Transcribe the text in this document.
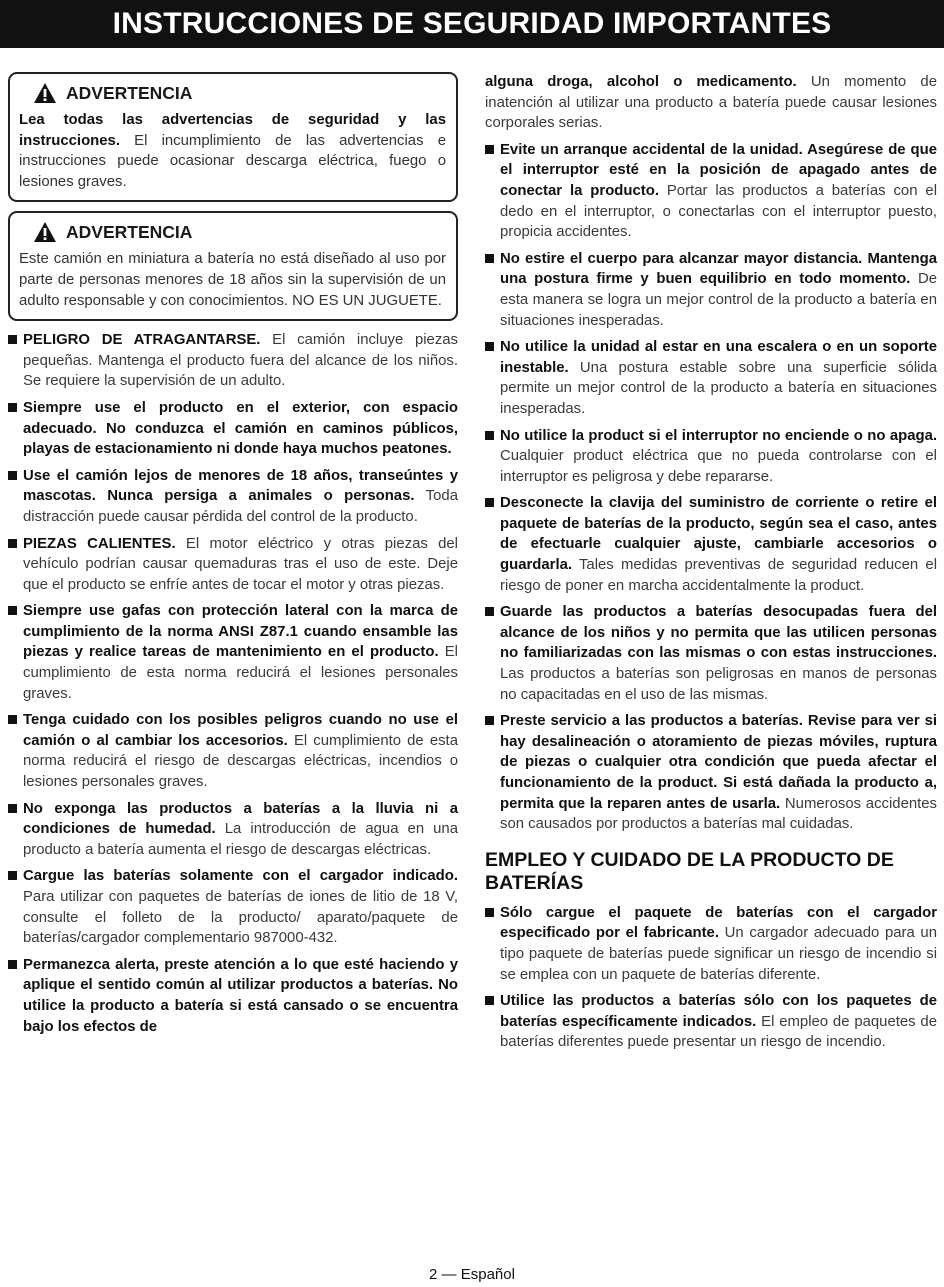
INSTRUCCIONES DE SEGURIDAD IMPORTANTES
ADVERTENCIA

Lea todas las advertencias de seguridad y las instrucciones. El incumplimiento de las advertencias e instrucciones puede ocasionar descarga eléctrica, fuego o lesiones graves.

ADVERTENCIA

Este camión en miniatura a batería no está diseñado al uso por parte de personas menores de 18 años sin la supervisión de un adulto responsable y con conocimientos. NO ES UN JUGUETE.

PELIGRO DE ATRAGANTARSE. El camión incluye piezas pequeñas. Mantenga el producto fuera del alcance de los niños. Se requiere la supervisión de un adulto.
Siempre use el producto en el exterior, con espacio adecuado. No conduzca el camión en caminos públicos, playas de estacionamiento ni donde haya muchos peatones.
Use el camión lejos de menores de 18 años, transeúntes y mascotas. Nunca persiga a animales o personas. Toda distracción puede causar pérdida del control de la producto.
PIEZAS CALIENTES. El motor eléctrico y otras piezas del vehículo podrían causar quemaduras tras el uso de este. Deje que el producto se enfríe antes de tocar el motor y otras piezas.
Siempre use gafas con protección lateral con la marca de cumplimiento de la norma ANSI Z87.1 cuando ensamble las piezas y realice tareas de mantenimiento en el producto. El cumplimiento de esta norma reducirá el lesiones personales graves.
Tenga cuidado con los posibles peligros cuando no use el camión o al cambiar los accesorios. El cumplimiento de esta norma reducirá el riesgo de descargas eléctricas, incendios o lesiones personales graves.
No exponga las productos a baterías a la lluvia ni a condiciones de humedad. La introducción de agua en una producto a batería aumenta el riesgo de descargas eléctricas.
Cargue las baterías solamente con el cargador indicado. Para utilizar con paquetes de baterías de iones de litio de 18 V, consulte el folleto de la producto/ aparato/paquete de baterías/cargador complementario 987000-432.
Permanezca alerta, preste atención a lo que esté haciendo y aplique el sentido común al utilizar productos a baterías. No utilice la producto a batería si está cansado o se encuentra bajo los efectos de
alguna droga, alcohol o medicamento. Un momento de inatención al utilizar una producto a batería puede causar lesiones corporales serias.
Evite un arranque accidental de la unidad. Asegúrese de que el interruptor esté en la posición de apagado antes de conectar la producto. Portar las productos a baterías con el dedo en el interruptor, o conectarlas con el interruptor puesto, propicia accidentes.
No estire el cuerpo para alcanzar mayor distancia. Mantenga una postura firme y buen equilibrio en todo momento. De esta manera se logra un mejor control de la producto a batería en situaciones inesperadas.
No utilice la unidad al estar en una escalera o en un soporte inestable. Una postura estable sobre una superficie sólida permite un mejor control de la producto a batería en situaciones inesperadas.
No utilice la product si el interruptor no enciende o no apaga. Cualquier product eléctrica que no pueda controlarse con el interruptor es peligrosa y debe repararse.
Desconecte la clavija del suministro de corriente o retire el paquete de baterías de la producto, según sea el caso, antes de efectuarle cualquier ajuste, cambiarle accesorios o guardarla. Tales medidas preventivas de seguridad reducen el riesgo de poner en marcha accidentalmente la product.
Guarde las productos a baterías desocupadas fuera del alcance de los niños y no permita que las utilicen personas no familiarizadas con las mismas o con estas instrucciones. Las productos a baterías son peligrosas en manos de personas no capacitadas en el uso de las mismas.
Preste servicio a las productos a baterías. Revise para ver si hay desalineación o atoramiento de piezas móviles, ruptura de piezas o cualquier otra condición que pueda afectar el funcionamiento de la product. Si está dañada la producto a, permita que la reparen antes de usarla. Numerosos accidentes son causados por productos a baterías mal cuidadas.
EMPLEO Y CUIDADO DE LA PRODUCTO DE BATERÍAS
Sólo cargue el paquete de baterías con el cargador especificado por el fabricante. Un cargador adecuado para un tipo paquete de baterías puede significar un riesgo de incendio si se emplea con un paquete de baterías diferente.
Utilice las productos a baterías sólo con los paquetes de baterías específicamente indicados. El empleo de paquetes de baterías diferentes puede presentar un riesgo de incendio.
2 — Español
